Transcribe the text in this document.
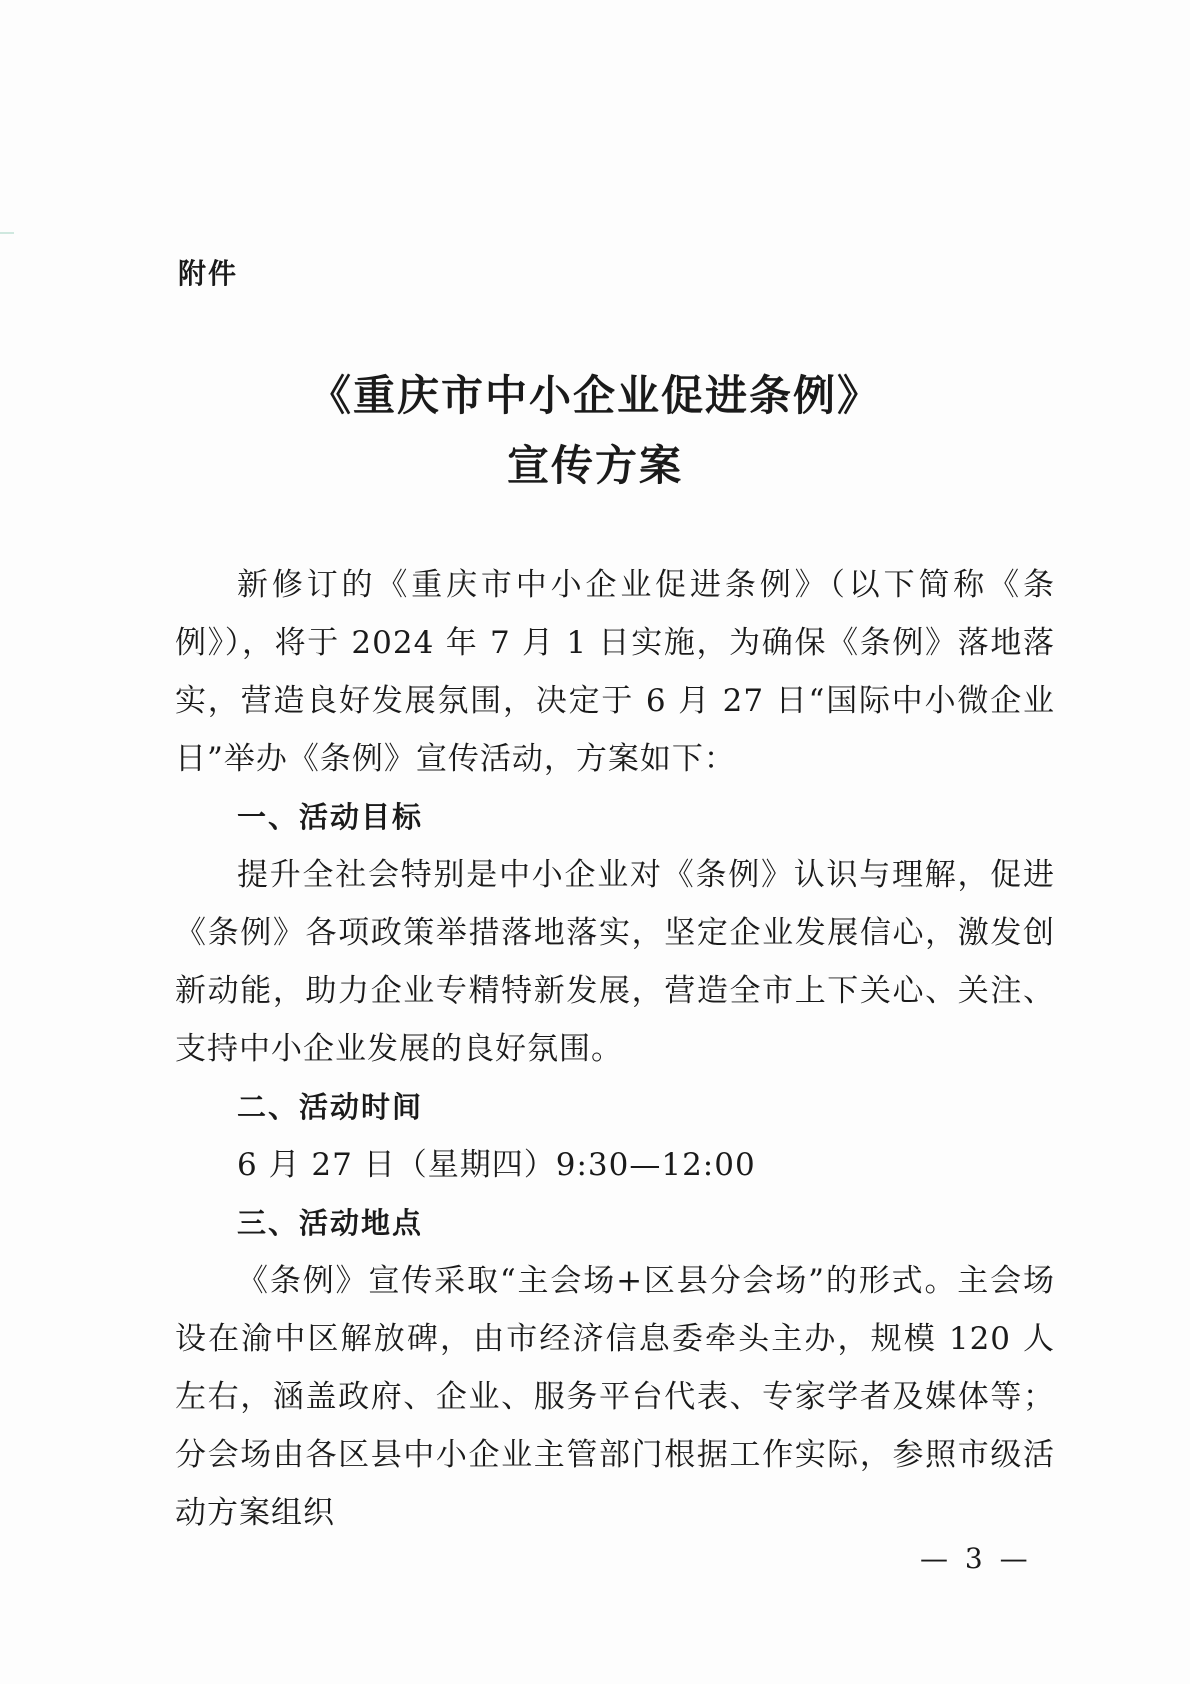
附件
《重庆市中小企业促进条例》
宣传方案

新修订的《重庆市中小企业促进条例》（以下简称《条例》），将于 2024 年 7 月 1 日实施，为确保《条例》落地落实，营造良好发展氛围，决定于 6 月 27 日“国际中小微企业日”举办《条例》宣传活动，方案如下：

一、活动目标

提升全社会特别是中小企业对《条例》认识与理解，促进《条例》各项政策举措落地落实，坚定企业发展信心，激发创新动能，助力企业专精特新发展，营造全市上下关心、关注、支持中小企业发展的良好氛围。

二、活动时间

6 月 27 日（星期四）9:30—12:00

三、活动地点

《条例》宣传采取“主会场+区县分会场”的形式。主会场设在渝中区解放碑，由市经济信息委牵头主办，规模 120 人左右，涵盖政府、企业、服务平台代表、专家学者及媒体等；分会场由各区县中小企业主管部门根据工作实际，参照市级活动方案组织

— 3 —
